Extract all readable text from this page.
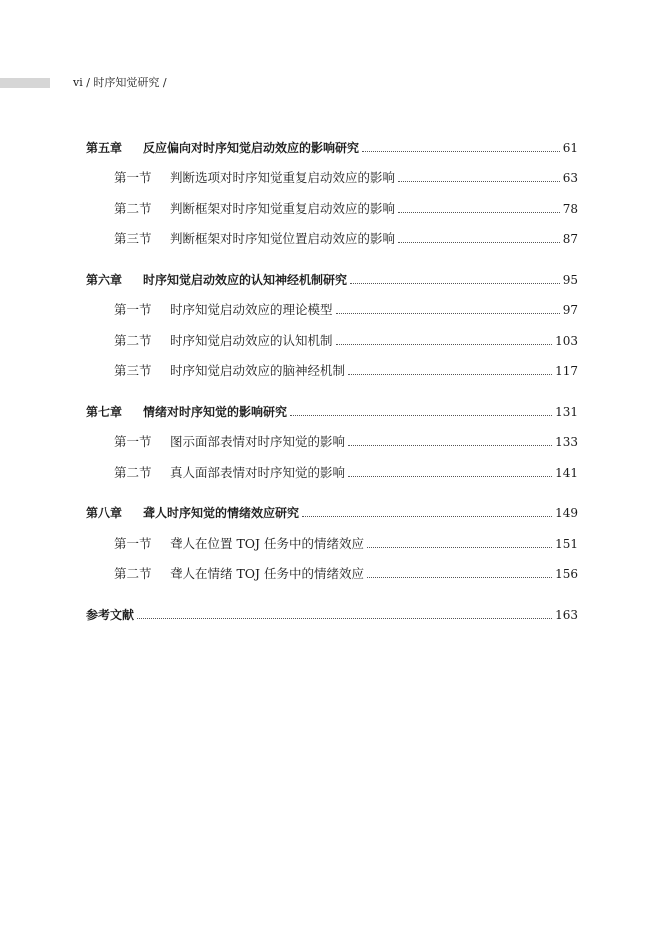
vi / 时序知觉研究 /
第五章	反应偏向对时序知觉启动效应的影响研究	61
第一节	判断选项对时序知觉重复启动效应的影响	63
第二节	判断框架对时序知觉重复启动效应的影响	78
第三节	判断框架对时序知觉位置启动效应的影响	87
第六章	时序知觉启动效应的认知神经机制研究	95
第一节	时序知觉启动效应的理论模型	97
第二节	时序知觉启动效应的认知机制	103
第三节	时序知觉启动效应的脑神经机制	117
第七章	情绪对时序知觉的影响研究	131
第一节	图示面部表情对时序知觉的影响	133
第二节	真人面部表情对时序知觉的影响	141
第八章	聋人时序知觉的情绪效应研究	149
第一节	聋人在位置 TOJ 任务中的情绪效应	151
第二节	聋人在情绪 TOJ 任务中的情绪效应	156
参考文献	163
